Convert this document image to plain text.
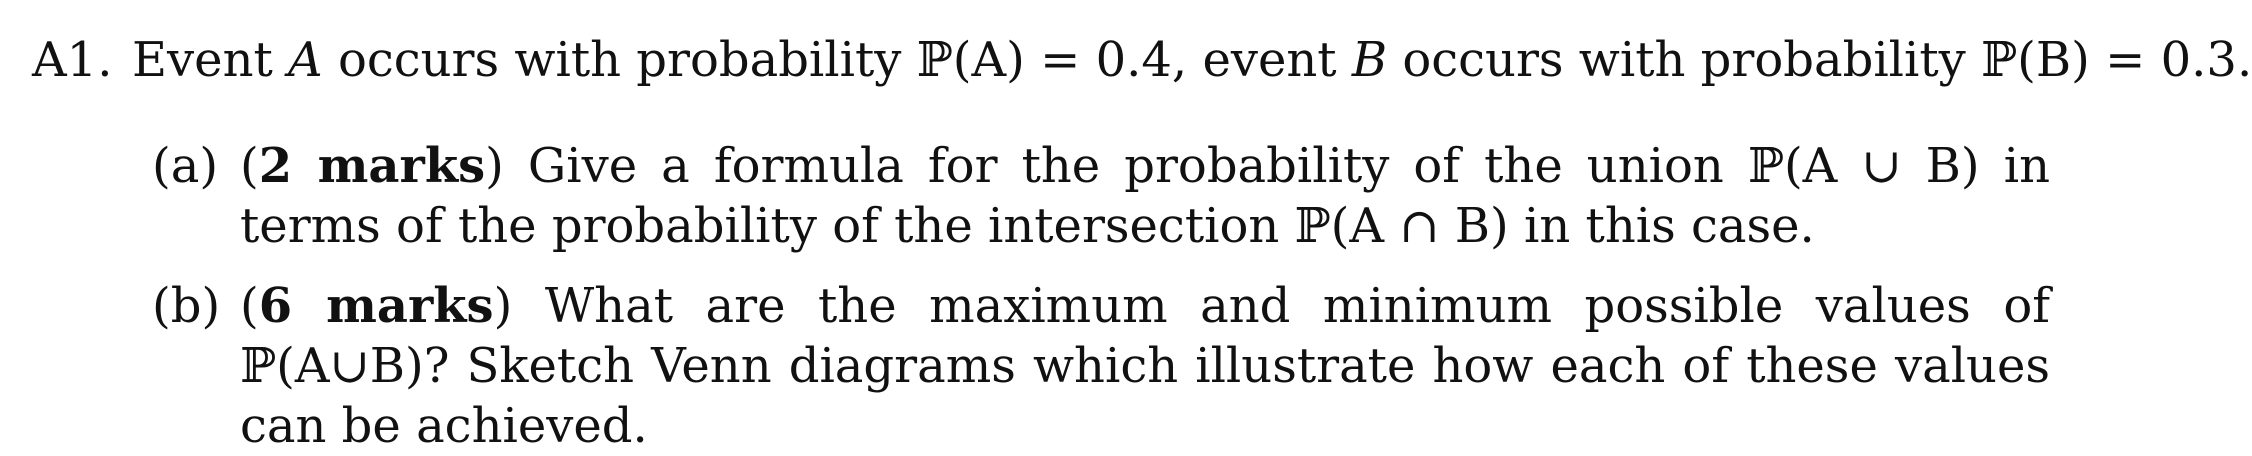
A1. Event A occurs with probability ℙ(A) = 0.4, event B occurs with probability ℙ(B) = 0.3.
(a) (2 marks) Give a formula for the probability of the union ℙ(A ∪ B) in terms of the probability of the intersection ℙ(A ∩ B) in this case.
(b) (6 marks) What are the maximum and minimum possible values of ℙ(A∪B)? Sketch Venn diagrams which illustrate how each of these values can be achieved.
